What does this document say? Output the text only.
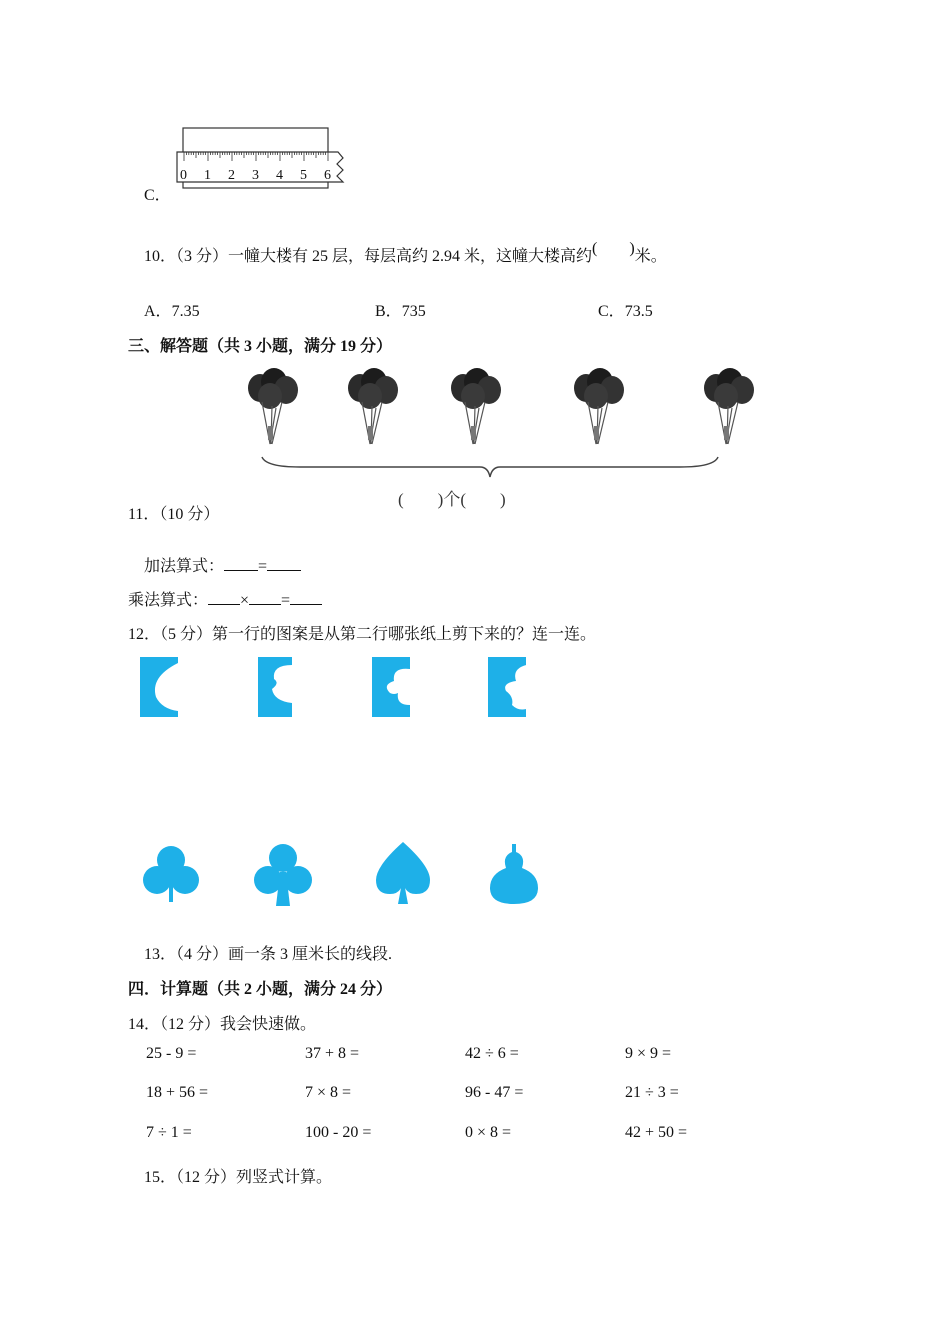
C．
0 1 2 3 4 5 6
10．（3 分）一幢大楼有 25 层，每层高约 2.94 米，这幢大楼高约(　　)米。
A．7.35	B．735	C．73.5
三、解答题（共 3 小题，满分 19 分）
(　　)个(　　)
11．（10 分）
加法算式： =
乘法算式： × =
12．（5 分）第一行的图案是从第二行哪张纸上剪下来的？连一连。
13．（4 分）画一条 3 厘米长的线段.
四．计算题（共 2 小题，满分 24 分）
14．（12 分）我会快速做。
25 - 9 =	37 + 8 =	42 ÷ 6 =	9 × 9 =
18 + 56 =	7 × 8 =	96 - 47 =	21 ÷ 3 =
7 ÷ 1 =	100 - 20 =	0 × 8 =	42 + 50 =
15．（12 分）列竖式计算。
